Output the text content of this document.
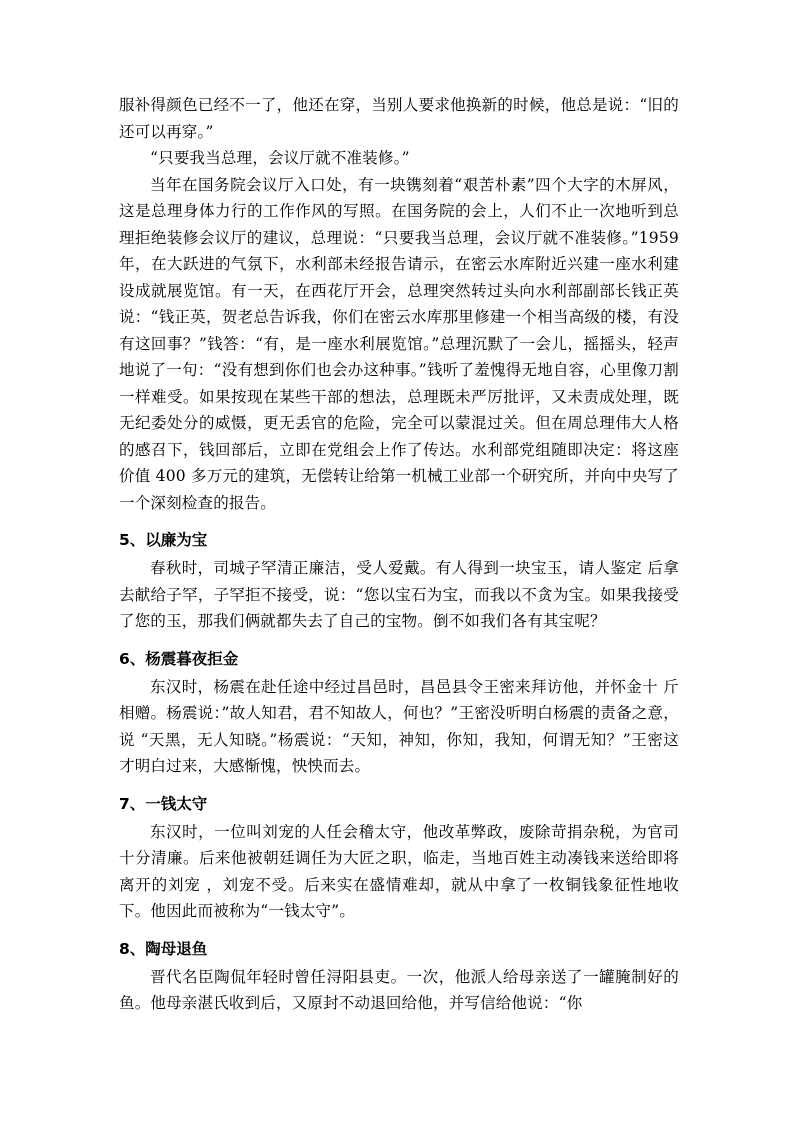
服补得颜色已经不一了，他还在穿，当别人要求他换新的时候，他总是说：“旧的还可以再穿。”

“只要我当总理，会议厅就不准装修。”

当年在国务院会议厅入口处，有一块镌刻着“艰苦朴素”四个大字的木屏风，这是总理身体力行的工作作风的写照。在国务院的会上，人们不止一次地听到总理拒绝装修会议厅的建议，总理说：“只要我当总理，会议厅就不准装修。”1959年，在大跃进的气氛下，水利部未经报告请示，在密云水库附近兴建一座水利建设成就展览馆。有一天，在西花厅开会，总理突然转过头向水利部副部长钱正英说：“钱正英，贺老总告诉我，你们在密云水库那里修建一个相当高级的楼，有没有这回事？”钱答：“有，是一座水利展览馆。”总理沉默了一会儿，摇摇头，轻声地说了一句：“没有想到你们也会办这种事。”钱听了羞愧得无地自容，心里像刀割一样难受。如果按现在某些干部的想法，总理既未严厉批评，又未责成处理，既无纪委处分的威慑，更无丢官的危险，完全可以蒙混过关。但在周总理伟大人格的感召下，钱回部后，立即在党组会上作了传达。水利部党组随即决定：将这座价值 400 多万元的建筑，无偿转让给第一机械工业部一个研究所，并向中央写了一个深刻检查的报告。

5、以廉为宝

春秋时，司城子罕清正廉洁，受人爱戴。有人得到一块宝玉，请人鉴定 后拿去献给子罕，子罕拒不接受，说：“您以宝石为宝，而我以不贪为宝。如果我接受了您的玉，那我们俩就都失去了自己的宝物。倒不如我们各有其宝呢？

6、杨震暮夜拒金

东汉时，杨震在赴任途中经过昌邑时，昌邑县令王密来拜访他，并怀金十 斤相赠。杨震说：”故人知君，君不知故人，何也？”王密没听明白杨震的责备之意，说 “天黑，无人知晓。”杨震说：“天知，神知，你知，我知，何谓无知？”王密这才明白过来，大感惭愧，怏怏而去。

7、一钱太守

东汉时，一位叫刘宠的人任会稽太守，他改革弊政，废除苛捐杂税，为官司 十分清廉。后来他被朝廷调任为大匠之职，临走，当地百姓主动凑钱来送给即将离开的刘宠 ，刘宠不受。后来实在盛情难却，就从中拿了一枚铜钱象征性地收下。他因此而被称为“一钱太守”。

8、陶母退鱼

晋代名臣陶侃年轻时曾任浔阳县吏。一次，他派人给母亲送了一罐腌制好的鱼。他母亲湛氏收到后，又原封不动退回给他，并写信给他说：“你
